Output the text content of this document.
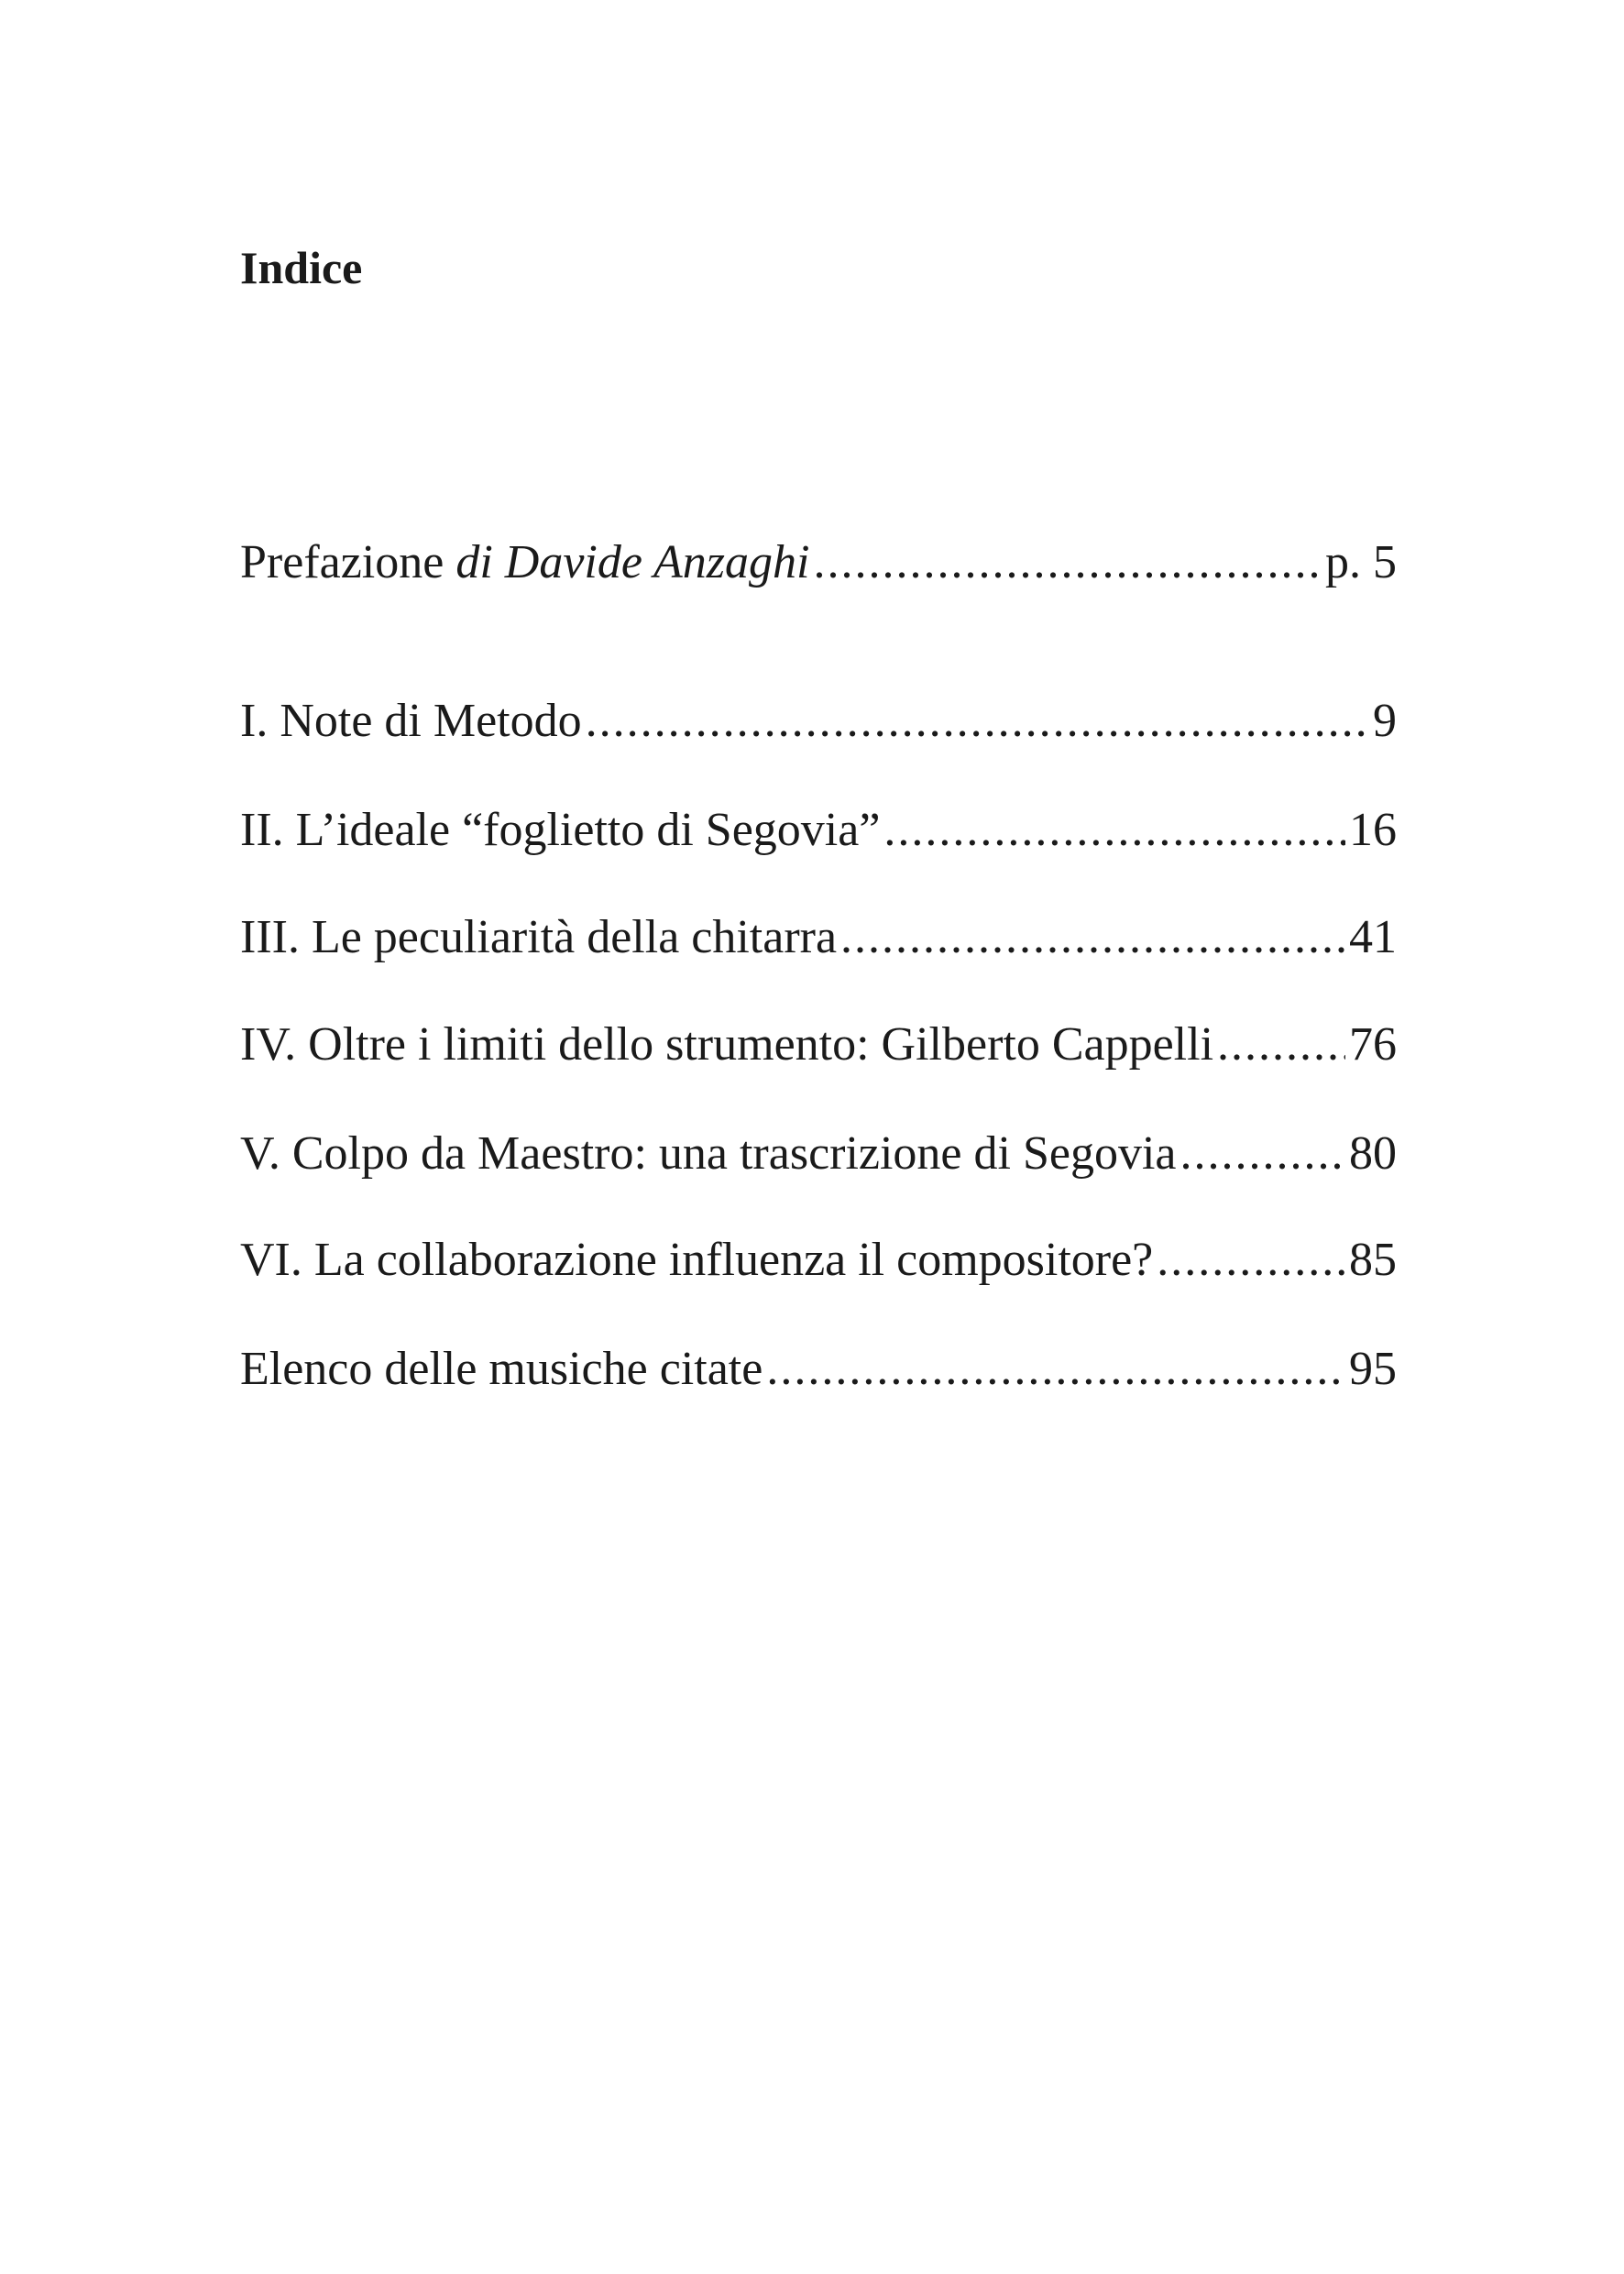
Indice
Prefazione di Davide Anzaghi .....	p. 5
I. Note di Metodo .....	9
II. L’ideale “foglietto di Segovia” .....	16
III. Le peculiarità della chitarra .....	41
IV. Oltre i limiti dello strumento: Gilberto Cappelli .....	76
V. Colpo da Maestro: una trascrizione di Segovia .....	80
VI. La collaborazione influenza il compositore? .....	85
Elenco delle musiche citate .....	95
